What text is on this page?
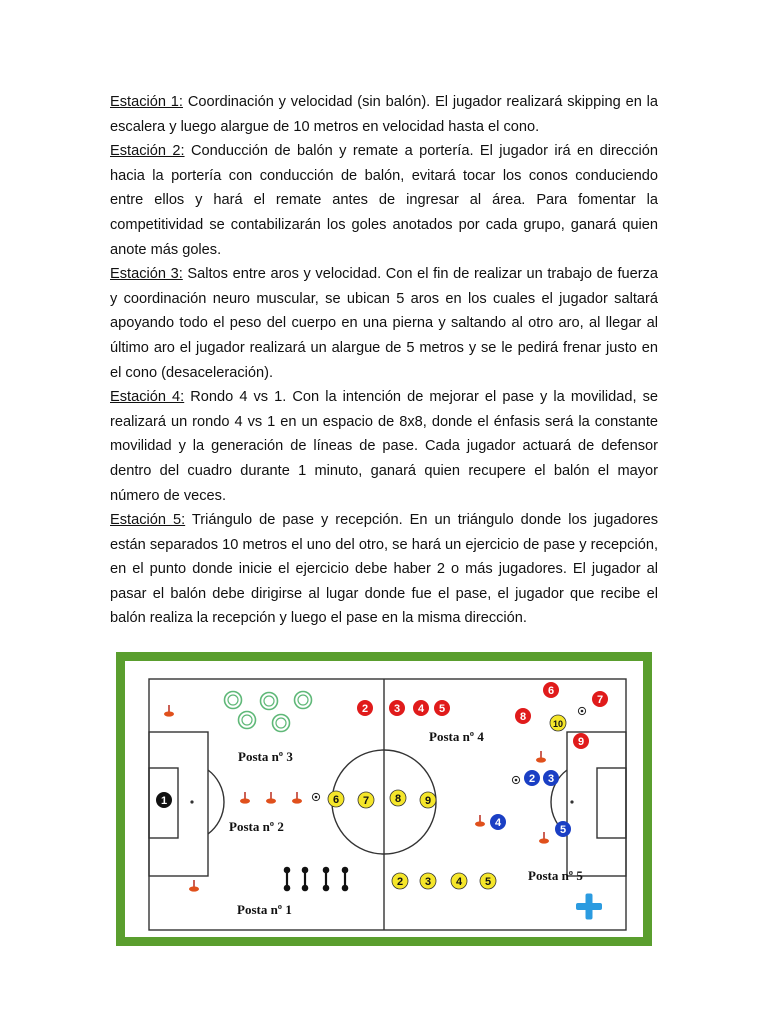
Estación 1: Coordinación y velocidad (sin balón). El jugador realizará skipping en la escalera y luego alargue de 10 metros en velocidad hasta el cono.

Estación 2: Conducción de balón y remate a portería. El jugador irá en dirección hacia la portería con conducción de balón, evitará tocar los conos conduciendo entre ellos y hará el remate antes de ingresar al área. Para fomentar la competitividad se contabilizarán los goles anotados por cada grupo, ganará quien anote más goles.

Estación 3: Saltos entre aros y velocidad. Con el fin de realizar un trabajo de fuerza y coordinación neuro muscular, se ubican 5 aros en los cuales el jugador saltará apoyando todo el peso del cuerpo en una pierna y saltando al otro aro, al llegar al último aro el jugador realizará un alargue de 5 metros y se le pedirá frenar justo en el cono (desaceleración).

Estación 4: Rondo 4 vs 1. Con la intención de mejorar el pase y la movilidad, se realizará un rondo 4 vs 1 en un espacio de 8x8, donde el énfasis será la constante movilidad y la generación de líneas de pase. Cada jugador actuará de defensor dentro del cuadro durante 1 minuto, ganará quien recupere el balón el mayor número de veces.

Estación 5: Triángulo de pase y recepción. En un triángulo donde los jugadores están separados 10 metros el uno del otro, se hará un ejercicio de pase y recepción, en el punto donde inicie el ejercicio debe haber 2 o más jugadores. El jugador al pasar el balón debe dirigirse al lugar donde fue el pase, el jugador que recibe el balón realiza la recepción y luego el pase en la misma dirección.

Posta nº 3
Posta nº 4
Posta nº 2
Posta nº 5
Posta nº 1
1
2 3 4 5
6
7
8
9
10
6 7 8 9
2 3 4 5
2 3
4
5
